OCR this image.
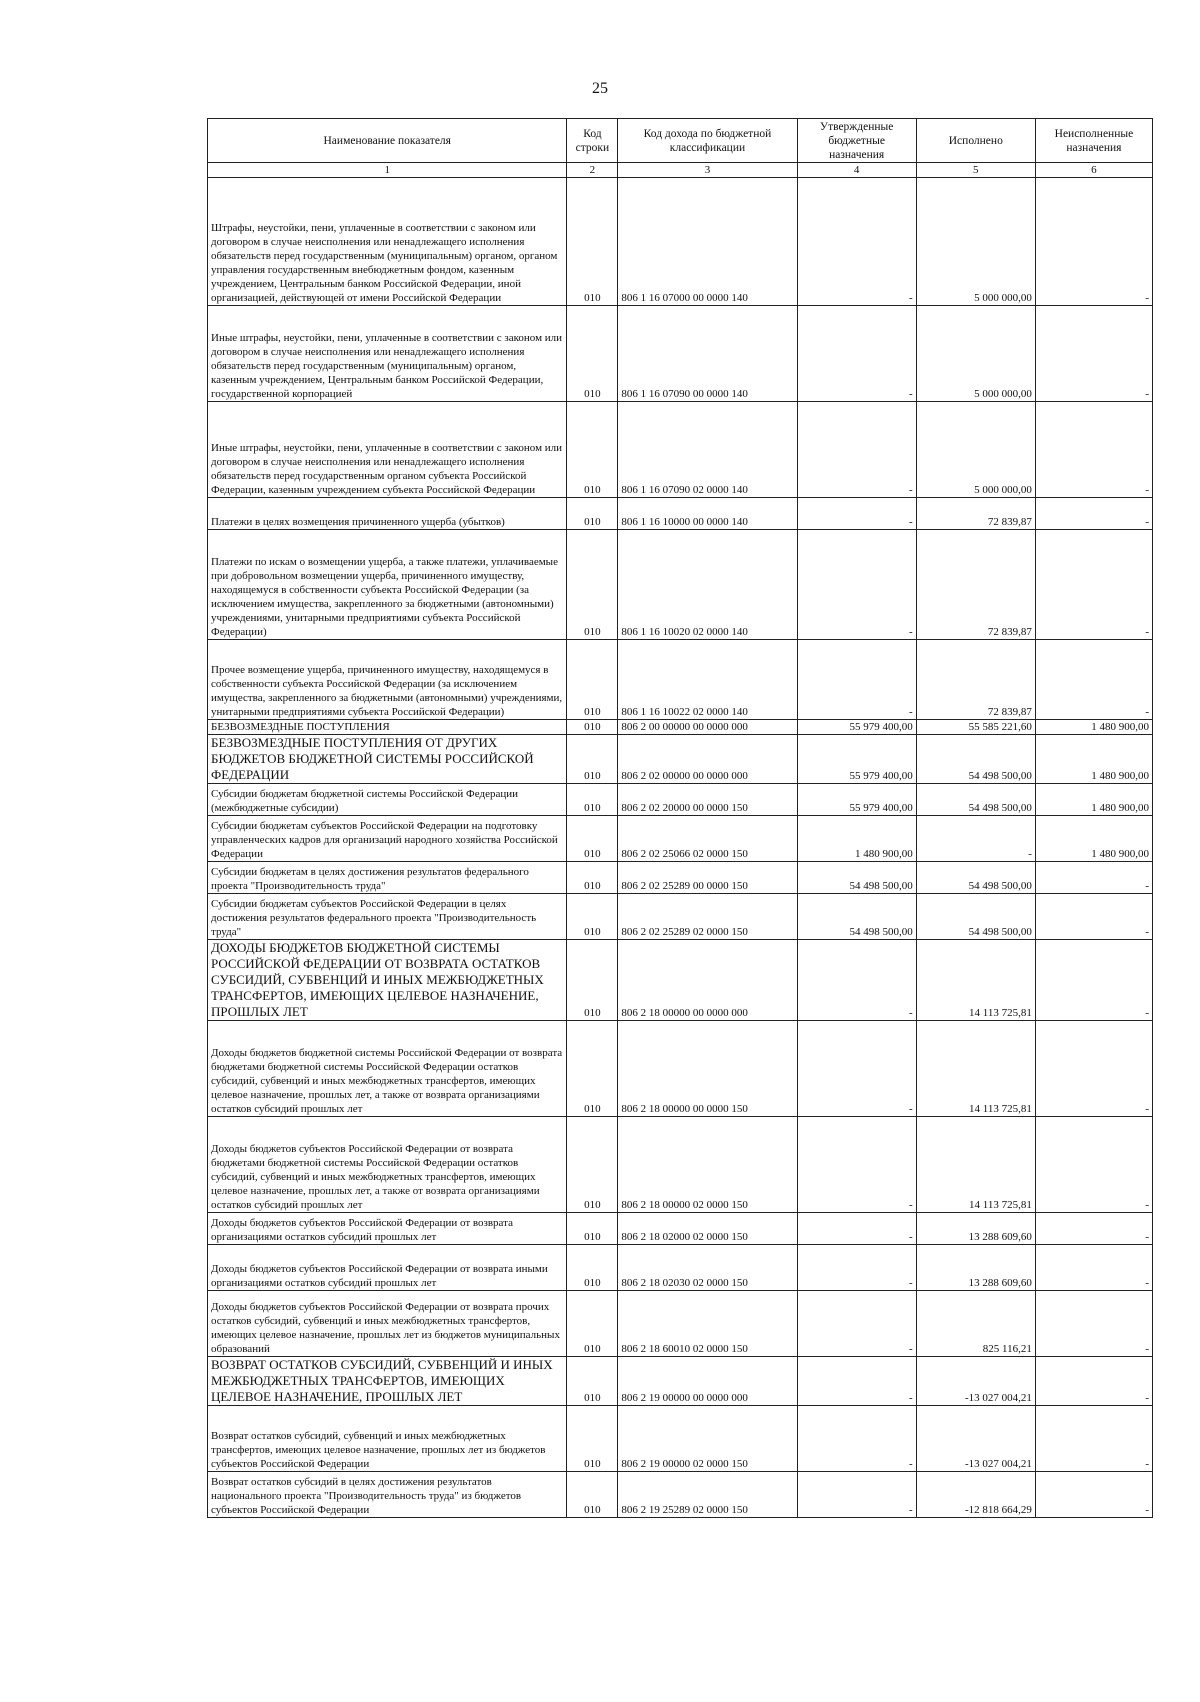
25
Наименование показателя	Код строки	Код дохода по бюджетной классификации	Утвержденные бюджетные назначения	Исполнено	Неисполненные назначения
1	2	3	4	5	6
Штрафы, неустойки, пени, уплаченные в соответствии с законом или договором в случае неисполнения или ненадлежащего исполнения обязательств перед государственным (муниципальным) органом, органом управления государственным внебюджетным фондом, казенным учреждением, Центральным банком Российской Федерации, иной организацией, действующей от имени Российской Федерации	010	806 1 16 07000 00 0000 140	-	5 000 000,00	-
Иные штрафы, неустойки, пени, уплаченные в соответствии с законом или договором в случае неисполнения или ненадлежащего исполнения обязательств перед государственным (муниципальным) органом, казенным учреждением, Центральным банком Российской Федерации, государственной корпорацией	010	806 1 16 07090 00 0000 140	-	5 000 000,00	-
Иные штрафы, неустойки, пени, уплаченные в соответствии с законом или договором в случае неисполнения или ненадлежащего исполнения обязательств перед государственным органом субъекта Российской Федерации, казенным учреждением субъекта Российской Федерации	010	806 1 16 07090 02 0000 140	-	5 000 000,00	-
Платежи в целях возмещения причиненного ущерба (убытков)	010	806 1 16 10000 00 0000 140	-	72 839,87	-
Платежи по искам о возмещении ущерба, а также платежи, уплачиваемые при добровольном возмещении ущерба, причиненного имуществу, находящемуся в собственности субъекта Российской Федерации (за исключением имущества, закрепленного за бюджетными (автономными) учреждениями, унитарными предприятиями субъекта Российской Федерации)	010	806 1 16 10020 02 0000 140	-	72 839,87	-
Прочее возмещение ущерба, причиненного имуществу, находящемуся в собственности субъекта Российской Федерации (за исключением имущества, закрепленного за бюджетными (автономными) учреждениями, унитарными предприятиями субъекта Российской Федерации)	010	806 1 16 10022 02 0000 140	-	72 839,87	-
БЕЗВОЗМЕЗДНЫЕ ПОСТУПЛЕНИЯ	010	806 2 00 00000 00 0000 000	55 979 400,00	55 585 221,60	1 480 900,00
БЕЗВОЗМЕЗДНЫЕ ПОСТУПЛЕНИЯ ОТ ДРУГИХ БЮДЖЕТОВ БЮДЖЕТНОЙ СИСТЕМЫ РОССИЙСКОЙ ФЕДЕРАЦИИ	010	806 2 02 00000 00 0000 000	55 979 400,00	54 498 500,00	1 480 900,00
Субсидии бюджетам бюджетной системы Российской Федерации (межбюджетные субсидии)	010	806 2 02 20000 00 0000 150	55 979 400,00	54 498 500,00	1 480 900,00
Субсидии бюджетам субъектов Российской Федерации на подготовку управленческих кадров для организаций народного хозяйства Российской Федерации	010	806 2 02 25066 02 0000 150	1 480 900,00	-	1 480 900,00
Субсидии бюджетам в целях достижения результатов федерального проекта "Производительность труда"	010	806 2 02 25289 00 0000 150	54 498 500,00	54 498 500,00	-
Субсидии бюджетам субъектов Российской Федерации в целях достижения результатов федерального проекта "Производительность труда"	010	806 2 02 25289 02 0000 150	54 498 500,00	54 498 500,00	-
ДОХОДЫ БЮДЖЕТОВ БЮДЖЕТНОЙ СИСТЕМЫ РОССИЙСКОЙ ФЕДЕРАЦИИ ОТ ВОЗВРАТА ОСТАТКОВ СУБСИДИЙ, СУБВЕНЦИЙ И ИНЫХ МЕЖБЮДЖЕТНЫХ ТРАНСФЕРТОВ, ИМЕЮЩИХ ЦЕЛЕВОЕ НАЗНАЧЕНИЕ, ПРОШЛЫХ ЛЕТ	010	806 2 18 00000 00 0000 000	-	14 113 725,81	-
Доходы бюджетов бюджетной системы Российской Федерации от возврата бюджетами бюджетной системы Российской Федерации остатков субсидий, субвенций и иных межбюджетных трансфертов, имеющих целевое назначение, прошлых лет, а также от возврата организациями остатков субсидий прошлых лет	010	806 2 18 00000 00 0000 150	-	14 113 725,81	-
Доходы бюджетов субъектов Российской Федерации от возврата бюджетами бюджетной системы Российской Федерации остатков субсидий, субвенций и иных межбюджетных трансфертов, имеющих целевое назначение, прошлых лет, а также от возврата организациями остатков субсидий прошлых лет	010	806 2 18 00000 02 0000 150	-	14 113 725,81	-
Доходы бюджетов субъектов Российской Федерации от возврата организациями остатков субсидий прошлых лет	010	806 2 18 02000 02 0000 150	-	13 288 609,60	-
Доходы бюджетов субъектов Российской Федерации от возврата иными организациями остатков субсидий прошлых лет	010	806 2 18 02030 02 0000 150	-	13 288 609,60	-
Доходы бюджетов субъектов Российской Федерации от возврата прочих остатков субсидий, субвенций и иных межбюджетных трансфертов, имеющих целевое назначение, прошлых лет из бюджетов муниципальных образований	010	806 2 18 60010 02 0000 150	-	825 116,21	-
ВОЗВРАТ ОСТАТКОВ СУБСИДИЙ, СУБВЕНЦИЙ И ИНЫХ МЕЖБЮДЖЕТНЫХ ТРАНСФЕРТОВ, ИМЕЮЩИХ ЦЕЛЕВОЕ НАЗНАЧЕНИЕ, ПРОШЛЫХ ЛЕТ	010	806 2 19 00000 00 0000 000	-	-13 027 004,21	-
Возврат остатков субсидий, субвенций и иных межбюджетных трансфертов, имеющих целевое назначение, прошлых лет из бюджетов субъектов Российской Федерации	010	806 2 19 00000 02 0000 150	-	-13 027 004,21	-
Возврат остатков субсидий в целях достижения результатов национального проекта "Производительность труда" из бюджетов субъектов Российской Федерации	010	806 2 19 25289 02 0000 150	-	-12 818 664,29	-
